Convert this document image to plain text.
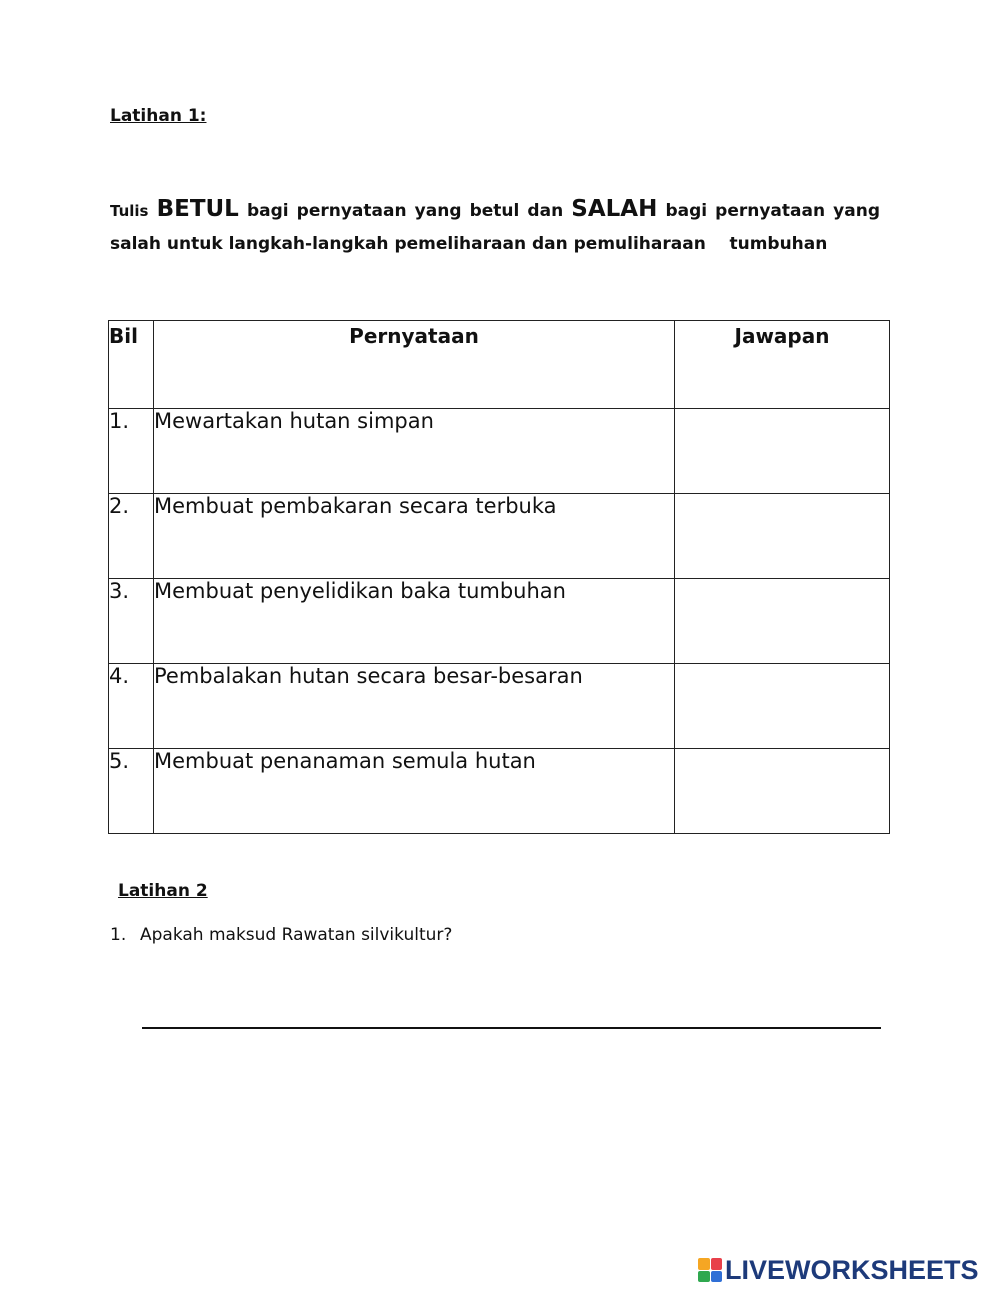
Latihan 1:

Tulis BETUL bagi pernyataan yang betul dan SALAH bagi pernyataan yang
salah untuk langkah-langkah pemeliharaan dan pemuliharaan    tumbuhan

Bil	Pernyataan	Jawapan
1.	Mewartakan hutan simpan	
2.	Membuat pembakaran secara terbuka	
3.	Membuat penyelidikan baka tumbuhan	
4.	Pembalakan hutan secara besar-besaran	
5.	Membuat penanaman semula hutan	
Latihan 2

1. Apakah maksud Rawatan silvikultur?

LIVEWORKSHEETS
